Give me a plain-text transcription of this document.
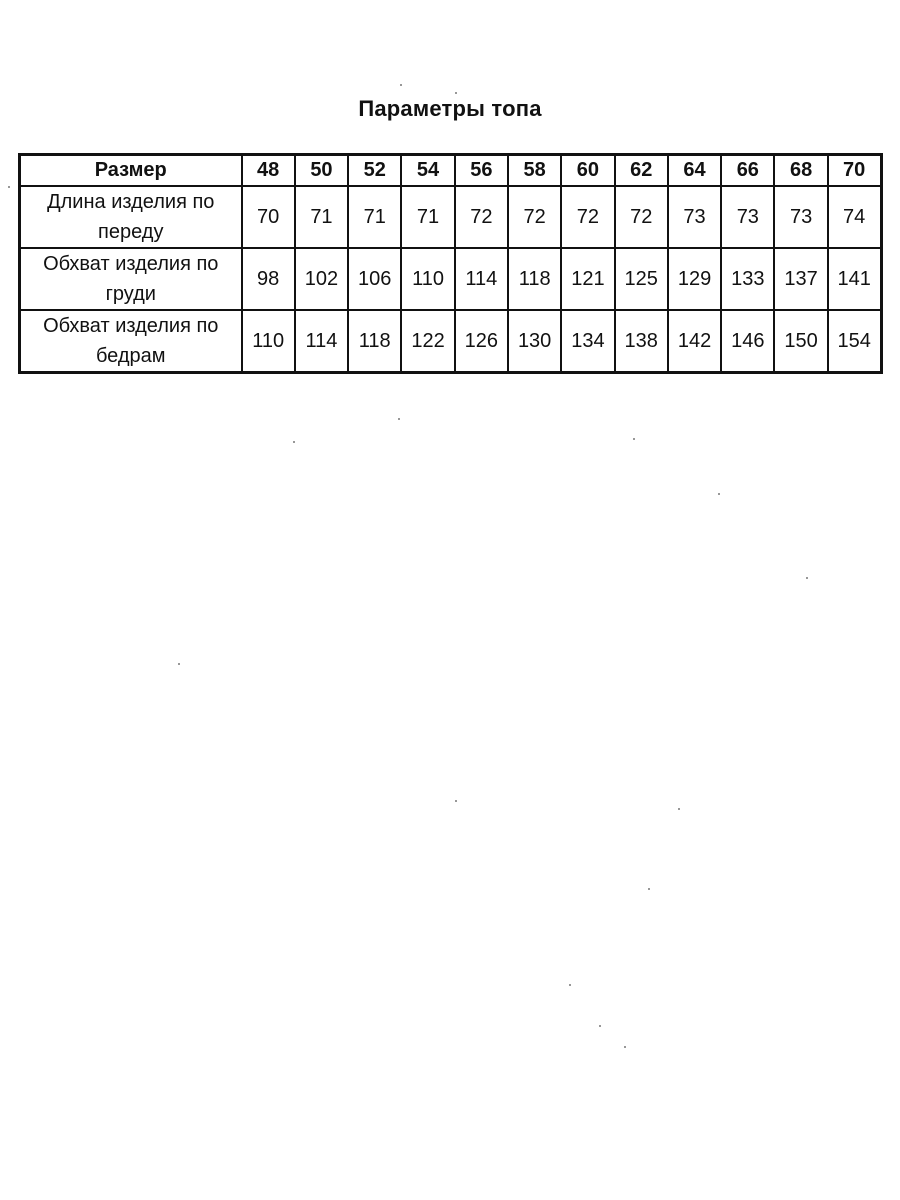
Параметры топа
Размер	48	50	52	54	56	58	60	62	64	66	68	70

Длина изделия по
переду	70	71	71	71	72	72	72	72	73	73	73	74

Обхват изделия по
груди	98	102	106	110	114	118	121	125	129	133	137	141

Обхват изделия по
бедрам	110	114	118	122	126	130	134	138	142	146	150	154
